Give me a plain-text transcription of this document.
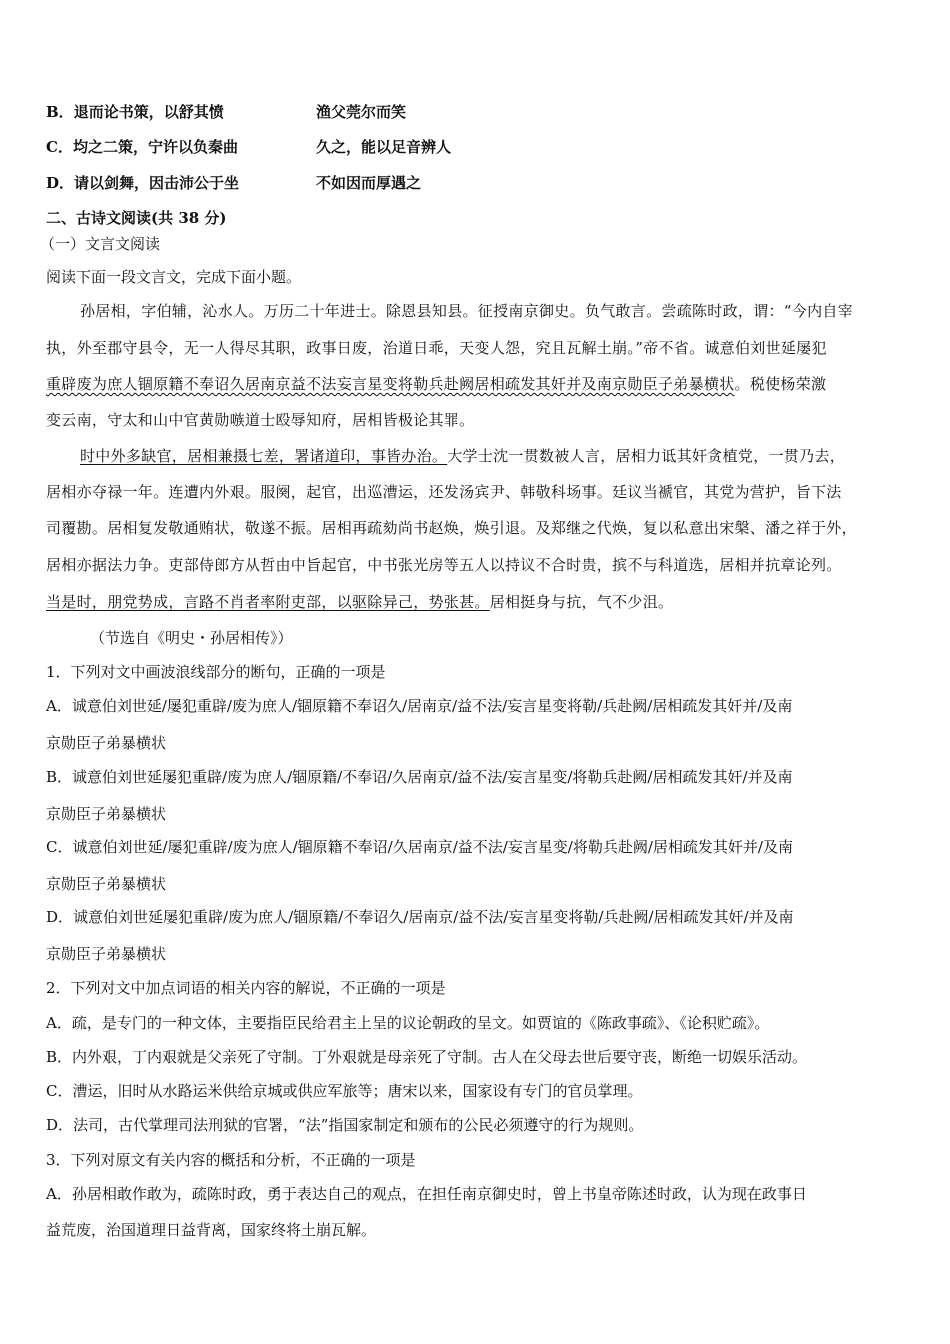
B．退而论书策，以舒其愤	渔父莞尔而笑
C．均之二策，宁许以负秦曲	久之，能以足音辨人
D．请以剑舞，因击沛公于坐	不如因而厚遇之
二、古诗文阅读(共 38 分)
（一）文言文阅读
阅读下面一段文言文，完成下面小题。
孙居相，字伯辅，沁水人。万历二十年进士。除恩县知县。征授南京御史。负气敢言。尝疏陈时政，谓：“今内自宰
执，外至郡守县令，无一人得尽其职，政事日废，治道日乖，天变人怨，究且瓦解土崩。”帝不省。诚意伯刘世延屡犯
重辟废为庶人锢原籍不奉诏久居南京益不法妄言星变将勒兵赴阙居相疏发其奸并及南京勋臣子弟暴横状。税使杨荣激
变云南，守太和山中官黄勋嗾道士殴辱知府，居相皆极论其罪。
时中外多缺官，居相兼摄七差，署诸道印，事皆办治。大学士沈一贯数被人言，居相力诋其奸贪植党，一贯乃去，
居相亦夺禄一年。连遭内外艰。服阕，起官，出巡漕运，还发汤宾尹、韩敬科场事。廷议当褫官，其党为营护，旨下法
司覆勘。居相复发敬通贿状，敬遂不振。居相再疏劾尚书赵焕，焕引退。及郑继之代焕，复以私意出宋槃、潘之祥于外，
居相亦据法力争。吏部侍郎方从哲由中旨起官，中书张光房等五人以持议不合时贵，摈不与科道选，居相并抗章论列。
当是时，朋党势成，言路不肖者率附吏部，以驱除异己，势张甚。居相挺身与抗，气不少沮。
（节选自《明史・孙居相传》）
1．下列对文中画波浪线部分的断句，正确的一项是
A．诚意伯刘世延/屡犯重辟/废为庶人/锢原籍不奉诏久/居南京/益不法/妄言星变将勒/兵赴阙/居相疏发其奸并/及南
京勋臣子弟暴横状
B．诚意伯刘世延屡犯重辟/废为庶人/锢原籍/不奉诏/久居南京/益不法/妄言星变/将勒兵赴阙/居相疏发其奸/并及南
京勋臣子弟暴横状
C．诚意伯刘世延/屡犯重辟/废为庶人/锢原籍不奉诏/久居南京/益不法/妄言星变/将勒兵赴阙/居相疏发其奸并/及南
京勋臣子弟暴横状
D．诚意伯刘世延屡犯重辟/废为庶人/锢原籍/不奉诏久/居南京/益不法/妄言星变将勒/兵赴阙/居相疏发其奸/并及南
京勋臣子弟暴横状
2．下列对文中加点词语的相关内容的解说，不正确的一项是
A．疏，是专门的一种文体，主要指臣民给君主上呈的议论朝政的呈文。如贾谊的《陈政事疏》、《论积贮疏》。
B．内外艰，丁内艰就是父亲死了守制。丁外艰就是母亲死了守制。古人在父母去世后要守丧，断绝一切娱乐活动。
C．漕运，旧时从水路运米供给京城或供应军旅等；唐宋以来，国家设有专门的官员掌理。
D．法司，古代掌理司法刑狱的官署，“法”指国家制定和颁布的公民必须遵守的行为规则。
3．下列对原文有关内容的概括和分析，不正确的一项是
A．孙居相敢作敢为，疏陈时政，勇于表达自己的观点，在担任南京御史时，曾上书皇帝陈述时政，认为现在政事日
益荒废，治国道理日益背离，国家终将土崩瓦解。
